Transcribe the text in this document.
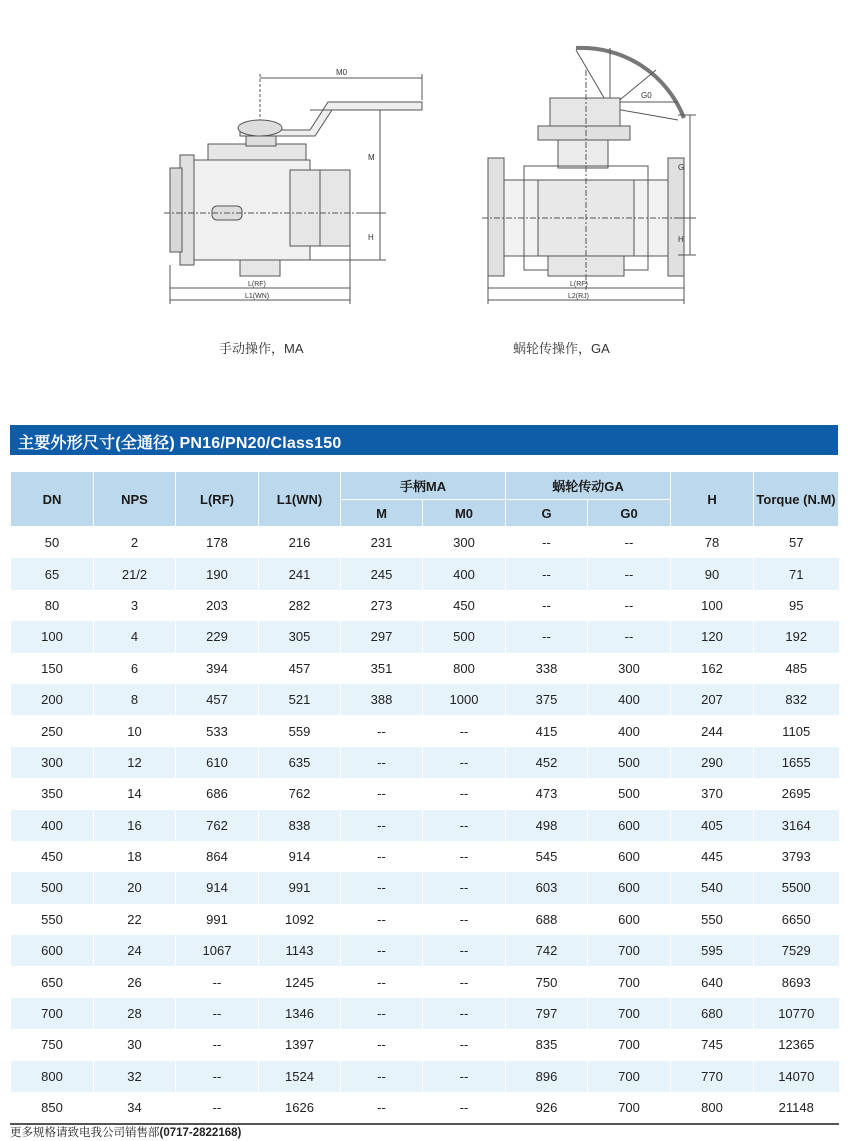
M0
M
H
L(RF)
L1(WN)
G0
G
H
L(RF)
L2(RJ)
手动操作，MA	蜗轮传操作，GA
主要外形尺寸(全通径) PN16/PN20/Class150
DN	NPS	L(RF)	L1(WN)	手柄MA		蜗轮传动GA		H	Torque (N.M)
				M	M0	G	G0		
50	2	178	216	231	300	--	--	78	57
65	21/2	190	241	245	400	--	--	90	71
80	3	203	282	273	450	--	--	100	95
100	4	229	305	297	500	--	--	120	192
150	6	394	457	351	800	338	300	162	485
200	8	457	521	388	1000	375	400	207	832
250	10	533	559	--	--	415	400	244	1105
300	12	610	635	--	--	452	500	290	1655
350	14	686	762	--	--	473	500	370	2695
400	16	762	838	--	--	498	600	405	3164
450	18	864	914	--	--	545	600	445	3793
500	20	914	991	--	--	603	600	540	5500
550	22	991	1092	--	--	688	600	550	6650
600	24	1067	1143	--	--	742	700	595	7529
650	26	--	1245	--	--	750	700	640	8693
700	28	--	1346	--	--	797	700	680	10770
750	30	--	1397	--	--	835	700	745	12365
800	32	--	1524	--	--	896	700	770	14070
850	34	--	1626	--	--	926	700	800	21148
更多规格请致电我公司销售部(0717-2822168)
